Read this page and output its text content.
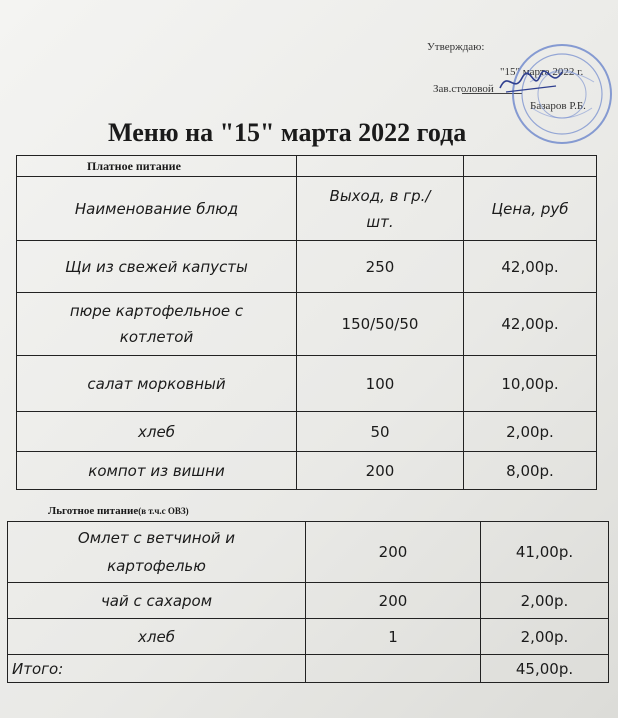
Утверждаю:
"15" марта 2022 г.
Зав.столовой
Базаров Р.Б.
Меню на "15" марта 2022 года
Платное питание		
Наименование блюд	Выход, в гр./шт.	Цена, руб
Щи из свежей капусты	250	42,00р.
пюре картофельное с котлетой	150/50/50	42,00р.
салат морковный	100	10,00р.
хлеб	50	2,00р.
компот из вишни	200	8,00р.
Льготное питание(в т.ч.с ОВЗ)
Омлет с ветчиной и картофелью	200	41,00р.
чай с сахаром	200	2,00р.
хлеб	1	2,00р.
Итого:		45,00р.
